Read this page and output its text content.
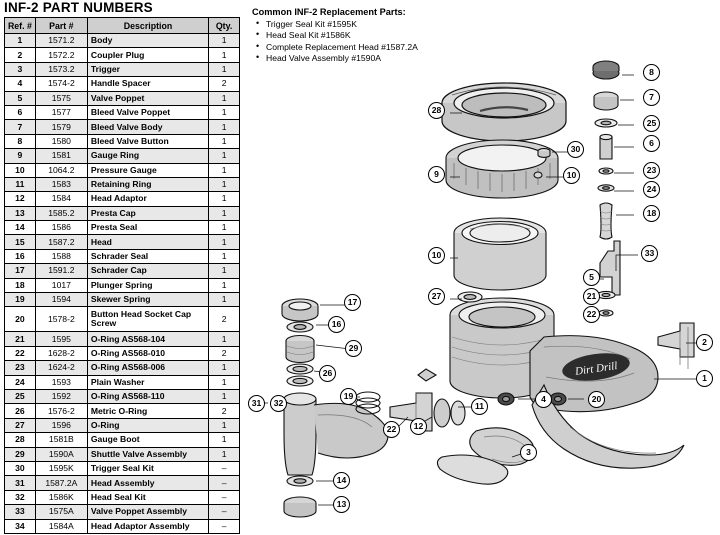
INF-2 PART NUMBERS
Ref. #	Part #	Description	Qty.
1	1571.2	Body	1
2	1572.2	Coupler Plug	1
3	1573.2	Trigger	1
4	1574-2	Handle Spacer	2
5	1575	Valve Poppet	1
6	1577	Bleed Valve Poppet	1
7	1579	Bleed Valve Body	1
8	1580	Bleed Valve Button	1
9	1581	Gauge Ring	1
10	1064.2	Pressure Gauge	1
11	1583	Retaining Ring	1
12	1584	Head Adaptor	1
13	1585.2	Presta Cap	1
14	1586	Presta Seal	1
15	1587.2	Head	1
16	1588	Schrader Seal	1
17	1591.2	Schrader Cap	1
18	1017	Plunger Spring	1
19	1594	Skewer Spring	1
20	1578-2	Button Head Socket Cap Screw	2
21	1595	O-Ring AS568-104	1
22	1628-2	O-Ring AS568-010	2
23	1624-2	O-Ring AS568-006	1
24	1593	Plain Washer	1
25	1592	O-Ring AS568-110	1
26	1576-2	Metric O-Ring	2
27	1596	O-Ring	1
28	1581B	Gauge Boot	1
29	1590A	Shuttle Valve Assembly	1
30	1595K	Trigger Seal Kit	–
31	1587.2A	Head Assembly	–
32	1586K	Head Seal Kit	–
33	1575A	Valve Poppet Assembly	–
34	1584A	Head Adaptor Assembly	–
Common INF-2 Replacement Parts:
• Trigger Seal Kit #1595K
• Head Seal Kit #1586K
• Complete Replacement Head #1587.2A
• Head Valve Assembly #1590A
Dirt Drill
8
7
25
6
23
24
18
30
10
28
9
10
27
5
33
21
22
2
1
4	20
11
12
22
19
32
31
26
29
16
17
3
14
13
